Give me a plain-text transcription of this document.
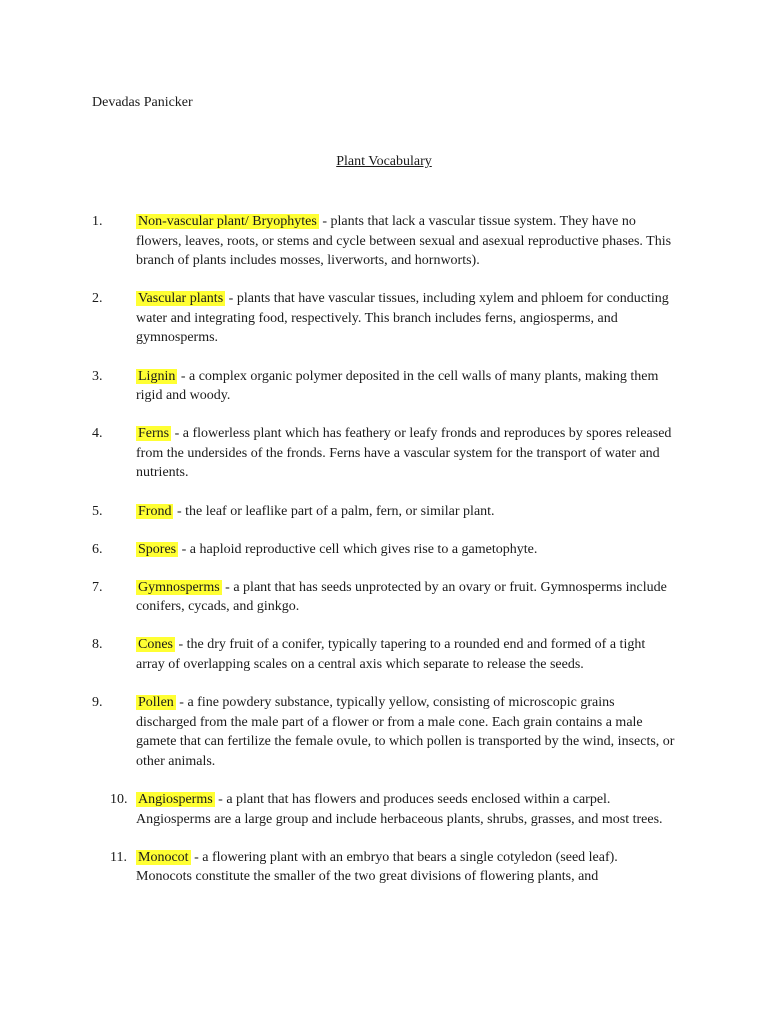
Devadas Panicker
Plant Vocabulary
1.	Non-vascular plant/ Bryophytes - plants that lack a vascular tissue system. They have no flowers, leaves, roots, or stems and cycle between sexual and asexual reproductive phases. This branch of plants includes mosses, liverworts, and hornworts).
2.	Vascular plants - plants that have vascular tissues, including xylem and phloem for conducting water and integrating food, respectively. This branch includes ferns, angiosperms, and gymnosperms.
3.	Lignin - a complex organic polymer deposited in the cell walls of many plants, making them rigid and woody.
4.	Ferns - a flowerless plant which has feathery or leafy fronds and reproduces by spores released from the undersides of the fronds. Ferns have a vascular system for the transport of water and nutrients.
5.	Frond - the leaf or leaflike part of a palm, fern, or similar plant.
6.	Spores - a haploid reproductive cell which gives rise to a gametophyte.
7.	Gymnosperms - a plant that has seeds unprotected by an ovary or fruit. Gymnosperms include conifers, cycads, and ginkgo.
8.	Cones - the dry fruit of a conifer, typically tapering to a rounded end and formed of a tight array of overlapping scales on a central axis which separate to release the seeds.
9.	Pollen - a fine powdery substance, typically yellow, consisting of microscopic grains discharged from the male part of a flower or from a male cone. Each grain contains a male gamete that can fertilize the female ovule, to which pollen is transported by the wind, insects, or other animals.
10. Angiosperms - a plant that has flowers and produces seeds enclosed within a carpel. Angiosperms are a large group and include herbaceous plants, shrubs, grasses, and most trees.
11. Monocot - a flowering plant with an embryo that bears a single cotyledon (seed leaf). Monocots constitute the smaller of the two great divisions of flowering plants, and
